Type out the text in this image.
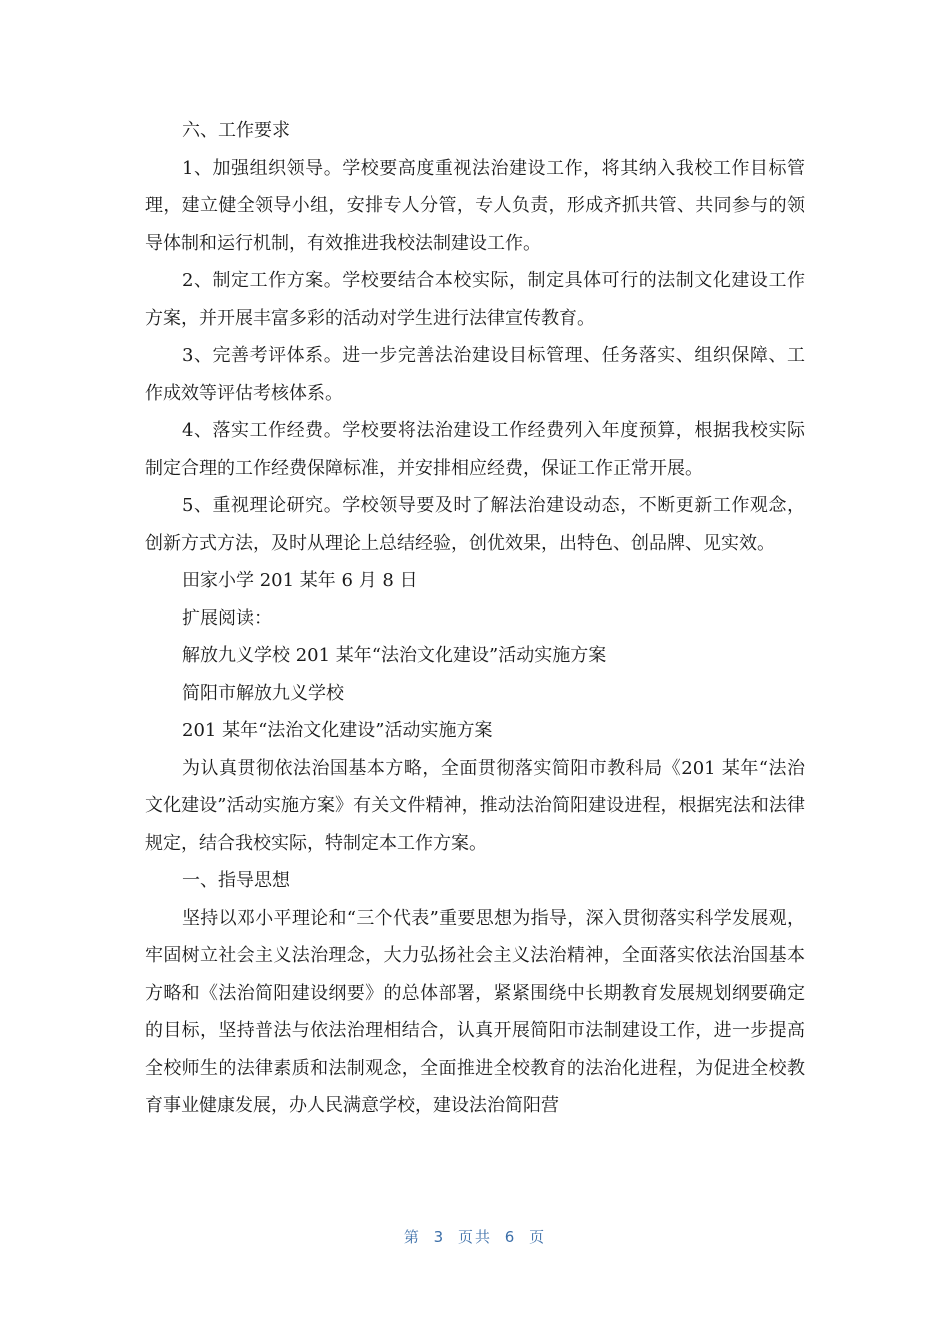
六、工作要求

1、加强组织领导。学校要高度重视法治建设工作，将其纳入我校工作目标管理，建立健全领导小组，安排专人分管，专人负责，形成齐抓共管、共同参与的领导体制和运行机制，有效推进我校法制建设工作。

2、制定工作方案。学校要结合本校实际，制定具体可行的法制文化建设工作方案，并开展丰富多彩的活动对学生进行法律宣传教育。

3、完善考评体系。进一步完善法治建设目标管理、任务落实、组织保障、工作成效等评估考核体系。

4、落实工作经费。学校要将法治建设工作经费列入年度预算，根据我校实际制定合理的工作经费保障标准，并安排相应经费，保证工作正常开展。

5、重视理论研究。学校领导要及时了解法治建设动态，不断更新工作观念，创新方式方法，及时从理论上总结经验，创优效果，出特色、创品牌、见实效。

田家小学 201 某年 6 月 8 日

扩展阅读：

解放九义学校 201 某年“法治文化建设”活动实施方案

简阳市解放九义学校

201 某年“法治文化建设”活动实施方案

为认真贯彻依法治国基本方略，全面贯彻落实简阳市教科局《201 某年“法治文化建设”活动实施方案》有关文件精神，推动法治简阳建设进程，根据宪法和法律规定，结合我校实际，特制定本工作方案。

一、指导思想

坚持以邓小平理论和“三个代表”重要思想为指导，深入贯彻落实科学发展观，牢固树立社会主义法治理念，大力弘扬社会主义法治精神，全面落实依法治国基本方略和《法治简阳建设纲要》的总体部署，紧紧围绕中长期教育发展规划纲要确定的目标，坚持普法与依法治理相结合，认真开展简阳市法制建设工作，进一步提高全校师生的法律素质和法制观念，全面推进全校教育的法治化进程，为促进全校教育事业健康发展，办人民满意学校，建设法治简阳营

第 3 页共 6 页
